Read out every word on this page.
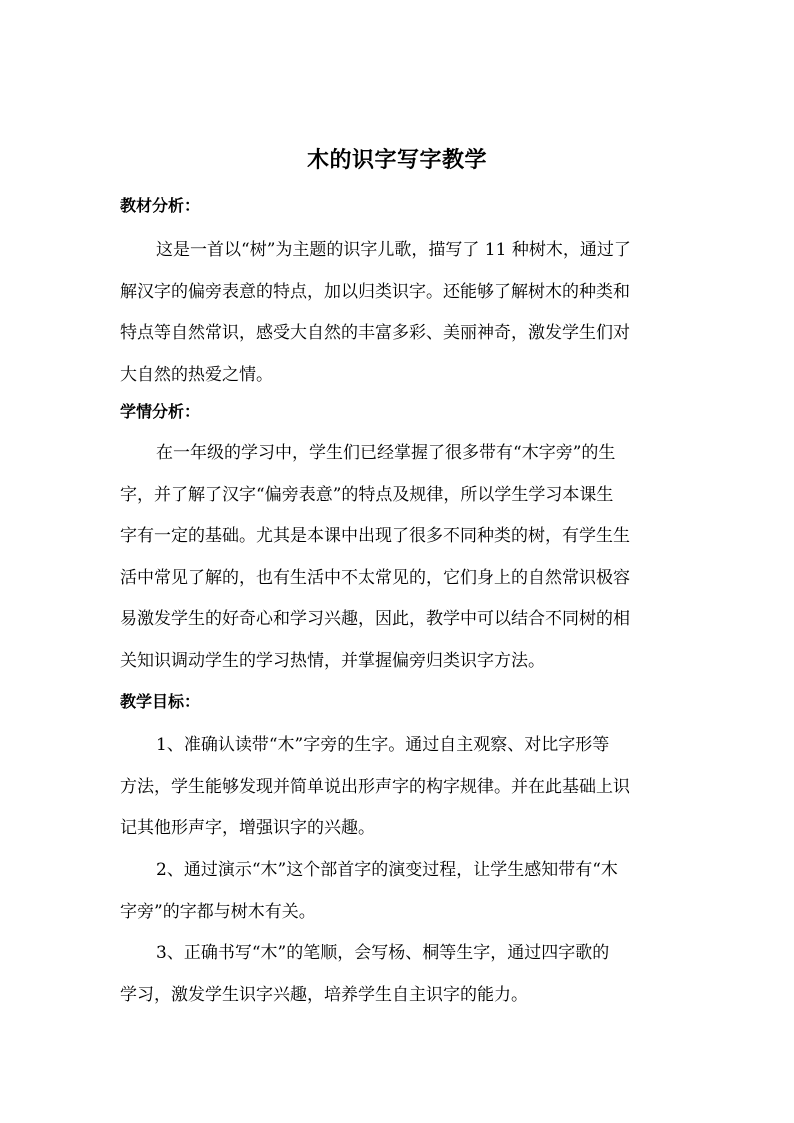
木的识字写字教学
教材分析：
这是一首以“树”为主题的识字儿歌，描写了 11 种树木，通过了
解汉字的偏旁表意的特点，加以归类识字。还能够了解树木的种类和
特点等自然常识，感受大自然的丰富多彩、美丽神奇，激发学生们对
大自然的热爱之情。
学情分析：
在一年级的学习中，学生们已经掌握了很多带有“木字旁”的生
字，并了解了汉字“偏旁表意”的特点及规律，所以学生学习本课生
字有一定的基础。尤其是本课中出现了很多不同种类的树，有学生生
活中常见了解的，也有生活中不太常见的，它们身上的自然常识极容
易激发学生的好奇心和学习兴趣，因此，教学中可以结合不同树的相
关知识调动学生的学习热情，并掌握偏旁归类识字方法。
教学目标：
1、准确认读带“木”字旁的生字。通过自主观察、对比字形等
方法，学生能够发现并简单说出形声字的构字规律。并在此基础上识
记其他形声字，增强识字的兴趣。
2、通过演示“木”这个部首字的演变过程，让学生感知带有“木
字旁”的字都与树木有关。
3、正确书写“木”的笔顺，会写杨、桐等生字，通过四字歌的
学习，激发学生识字兴趣，培养学生自主识字的能力。
